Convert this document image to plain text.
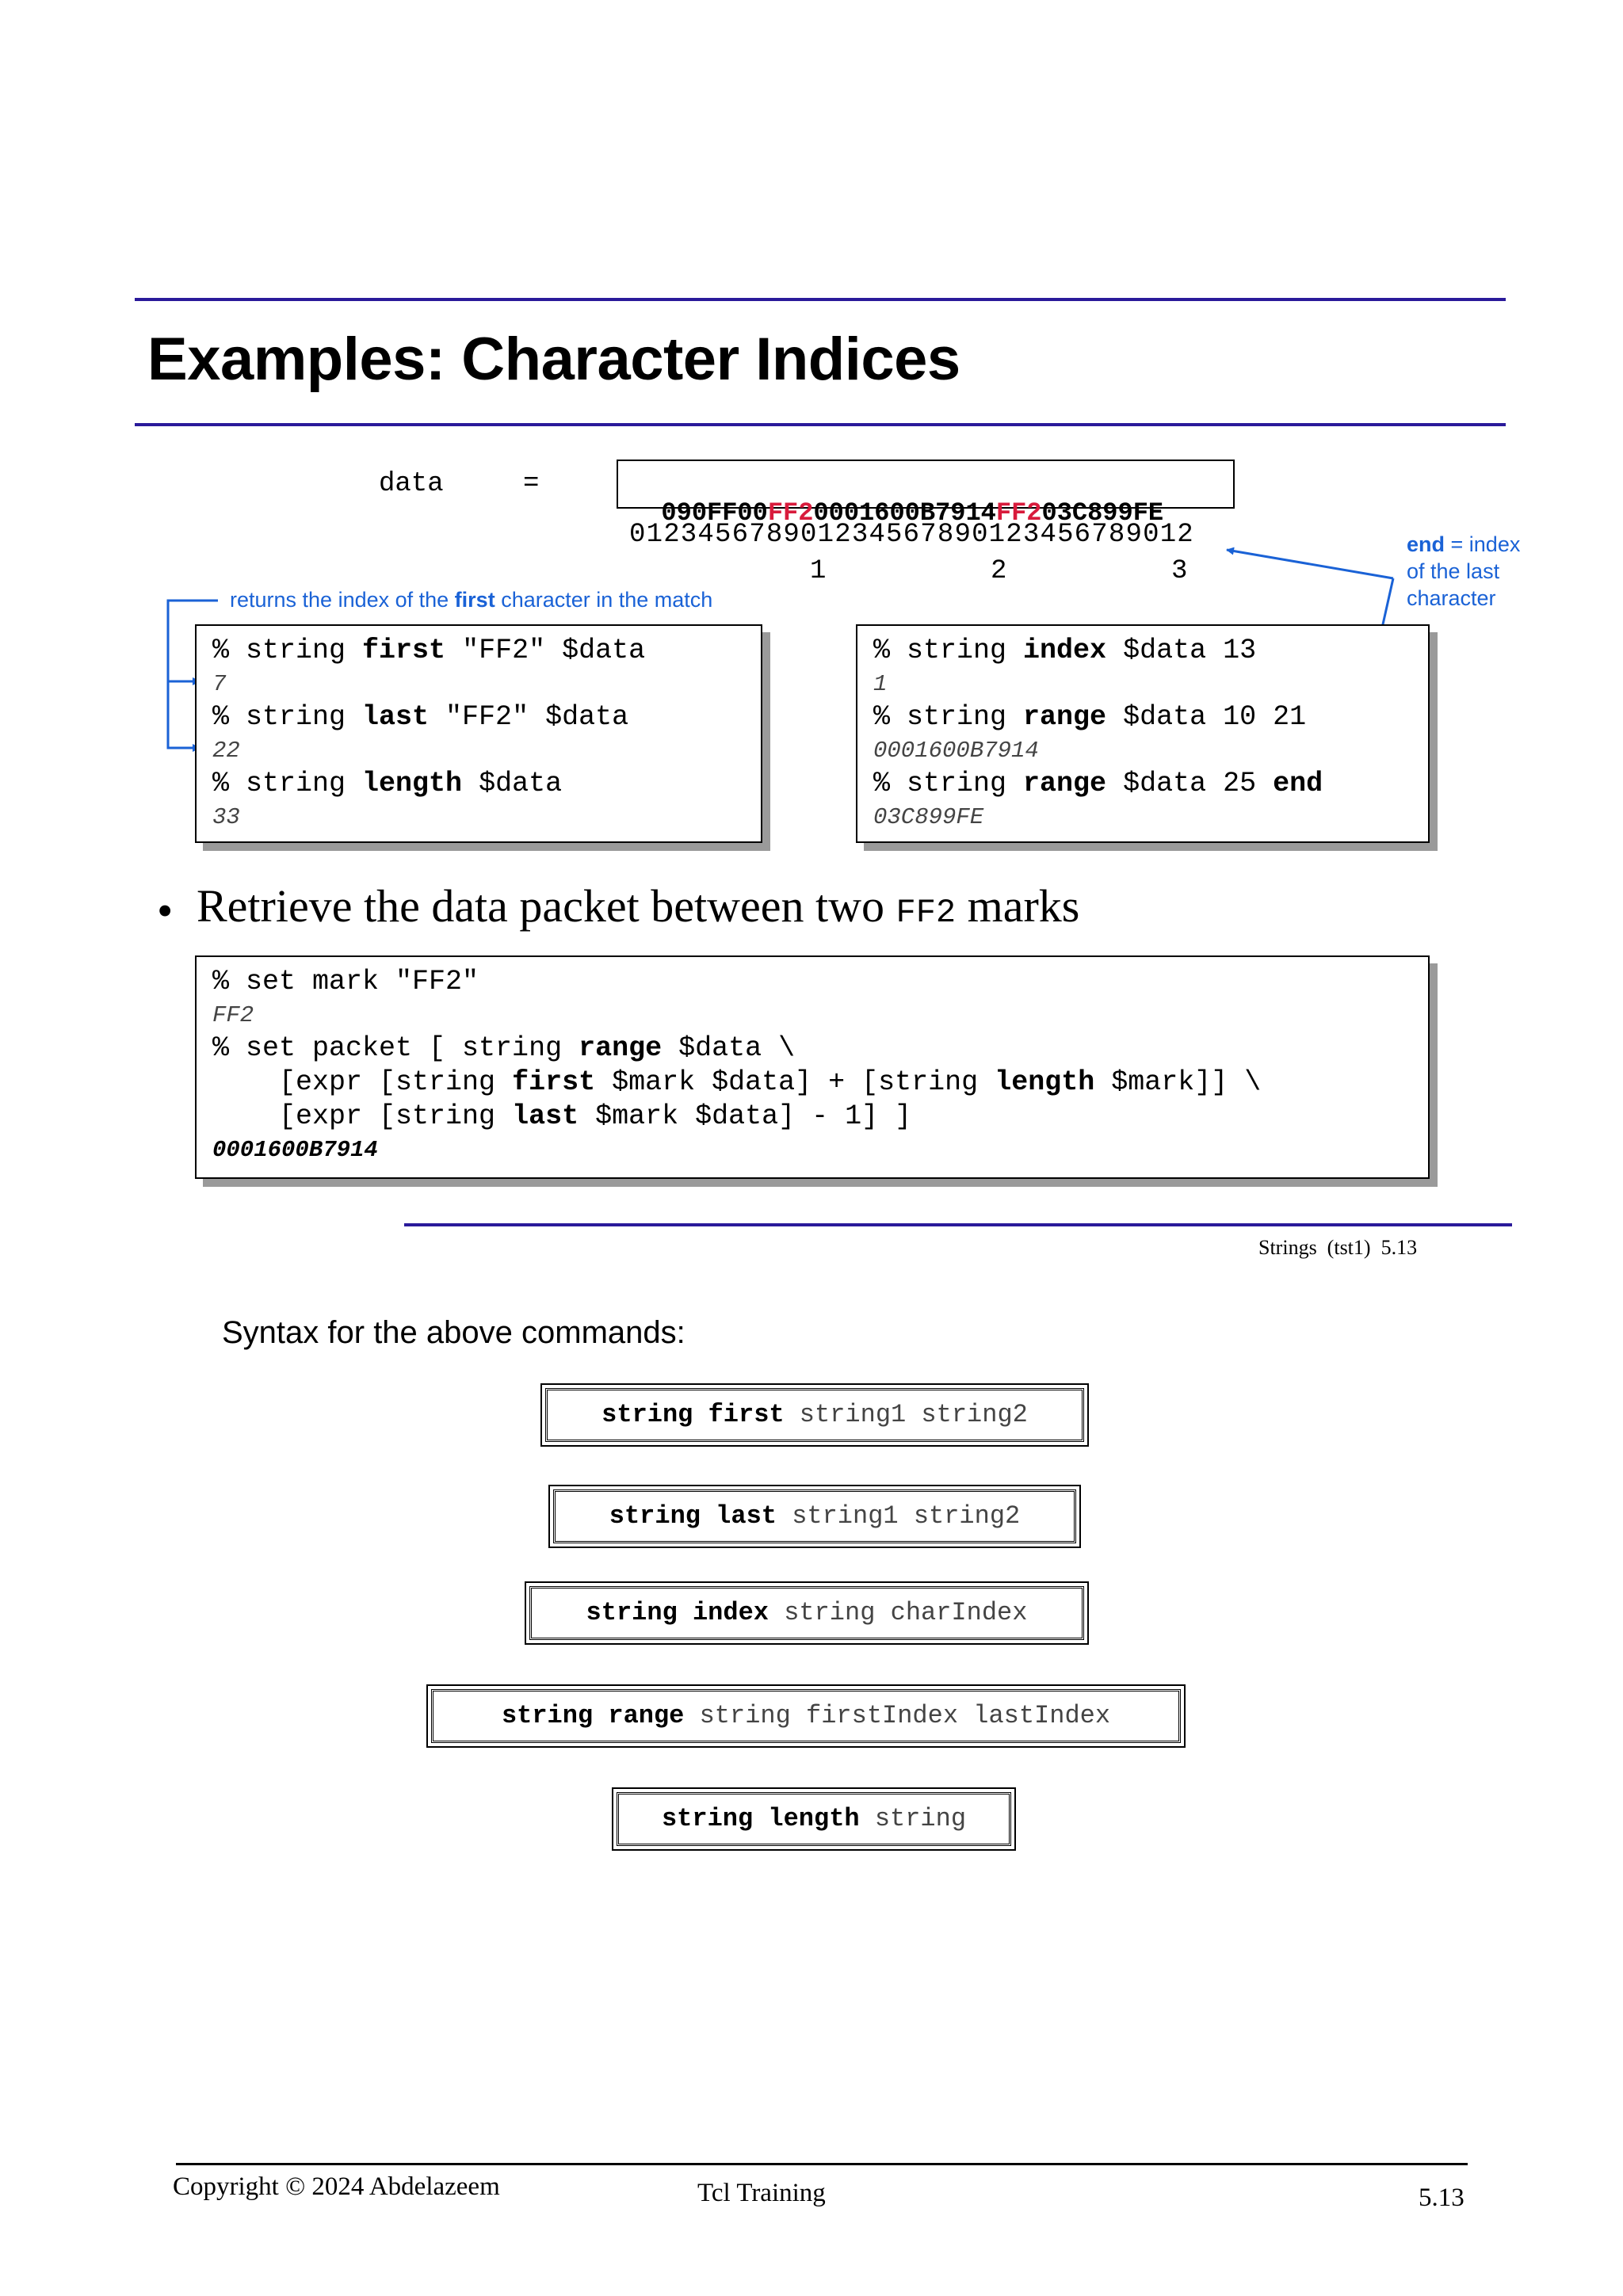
Examples: Character Indices
data	=

090FF00FF20001600B7914FF203C899FE

012345678901234567890123456789012
1	2	3
returns the index of the first character in the match
end = index
of the last
character
% string first "FF2" $data
7
% string last "FF2" $data
22
% string length $data
33
% string index $data 13
1
% string range $data 10 21
0001600B7914
% string range $data 25 end
03C899FE
• Retrieve the data packet between two FF2 marks
% set mark "FF2"
FF2
% set packet [ string range $data \
[expr [string first $mark $data] + [string length $mark]] \
[expr [string last $mark $data] - 1] ]
0001600B7914
Strings  (tst1)  5.13
Syntax for the above commands:
string first string1 string2
string last string1 string2
string index string charIndex
string range string firstIndex lastIndex
string length string
Copyright © 2024 Abdelazeem	Tcl Training	5.13
